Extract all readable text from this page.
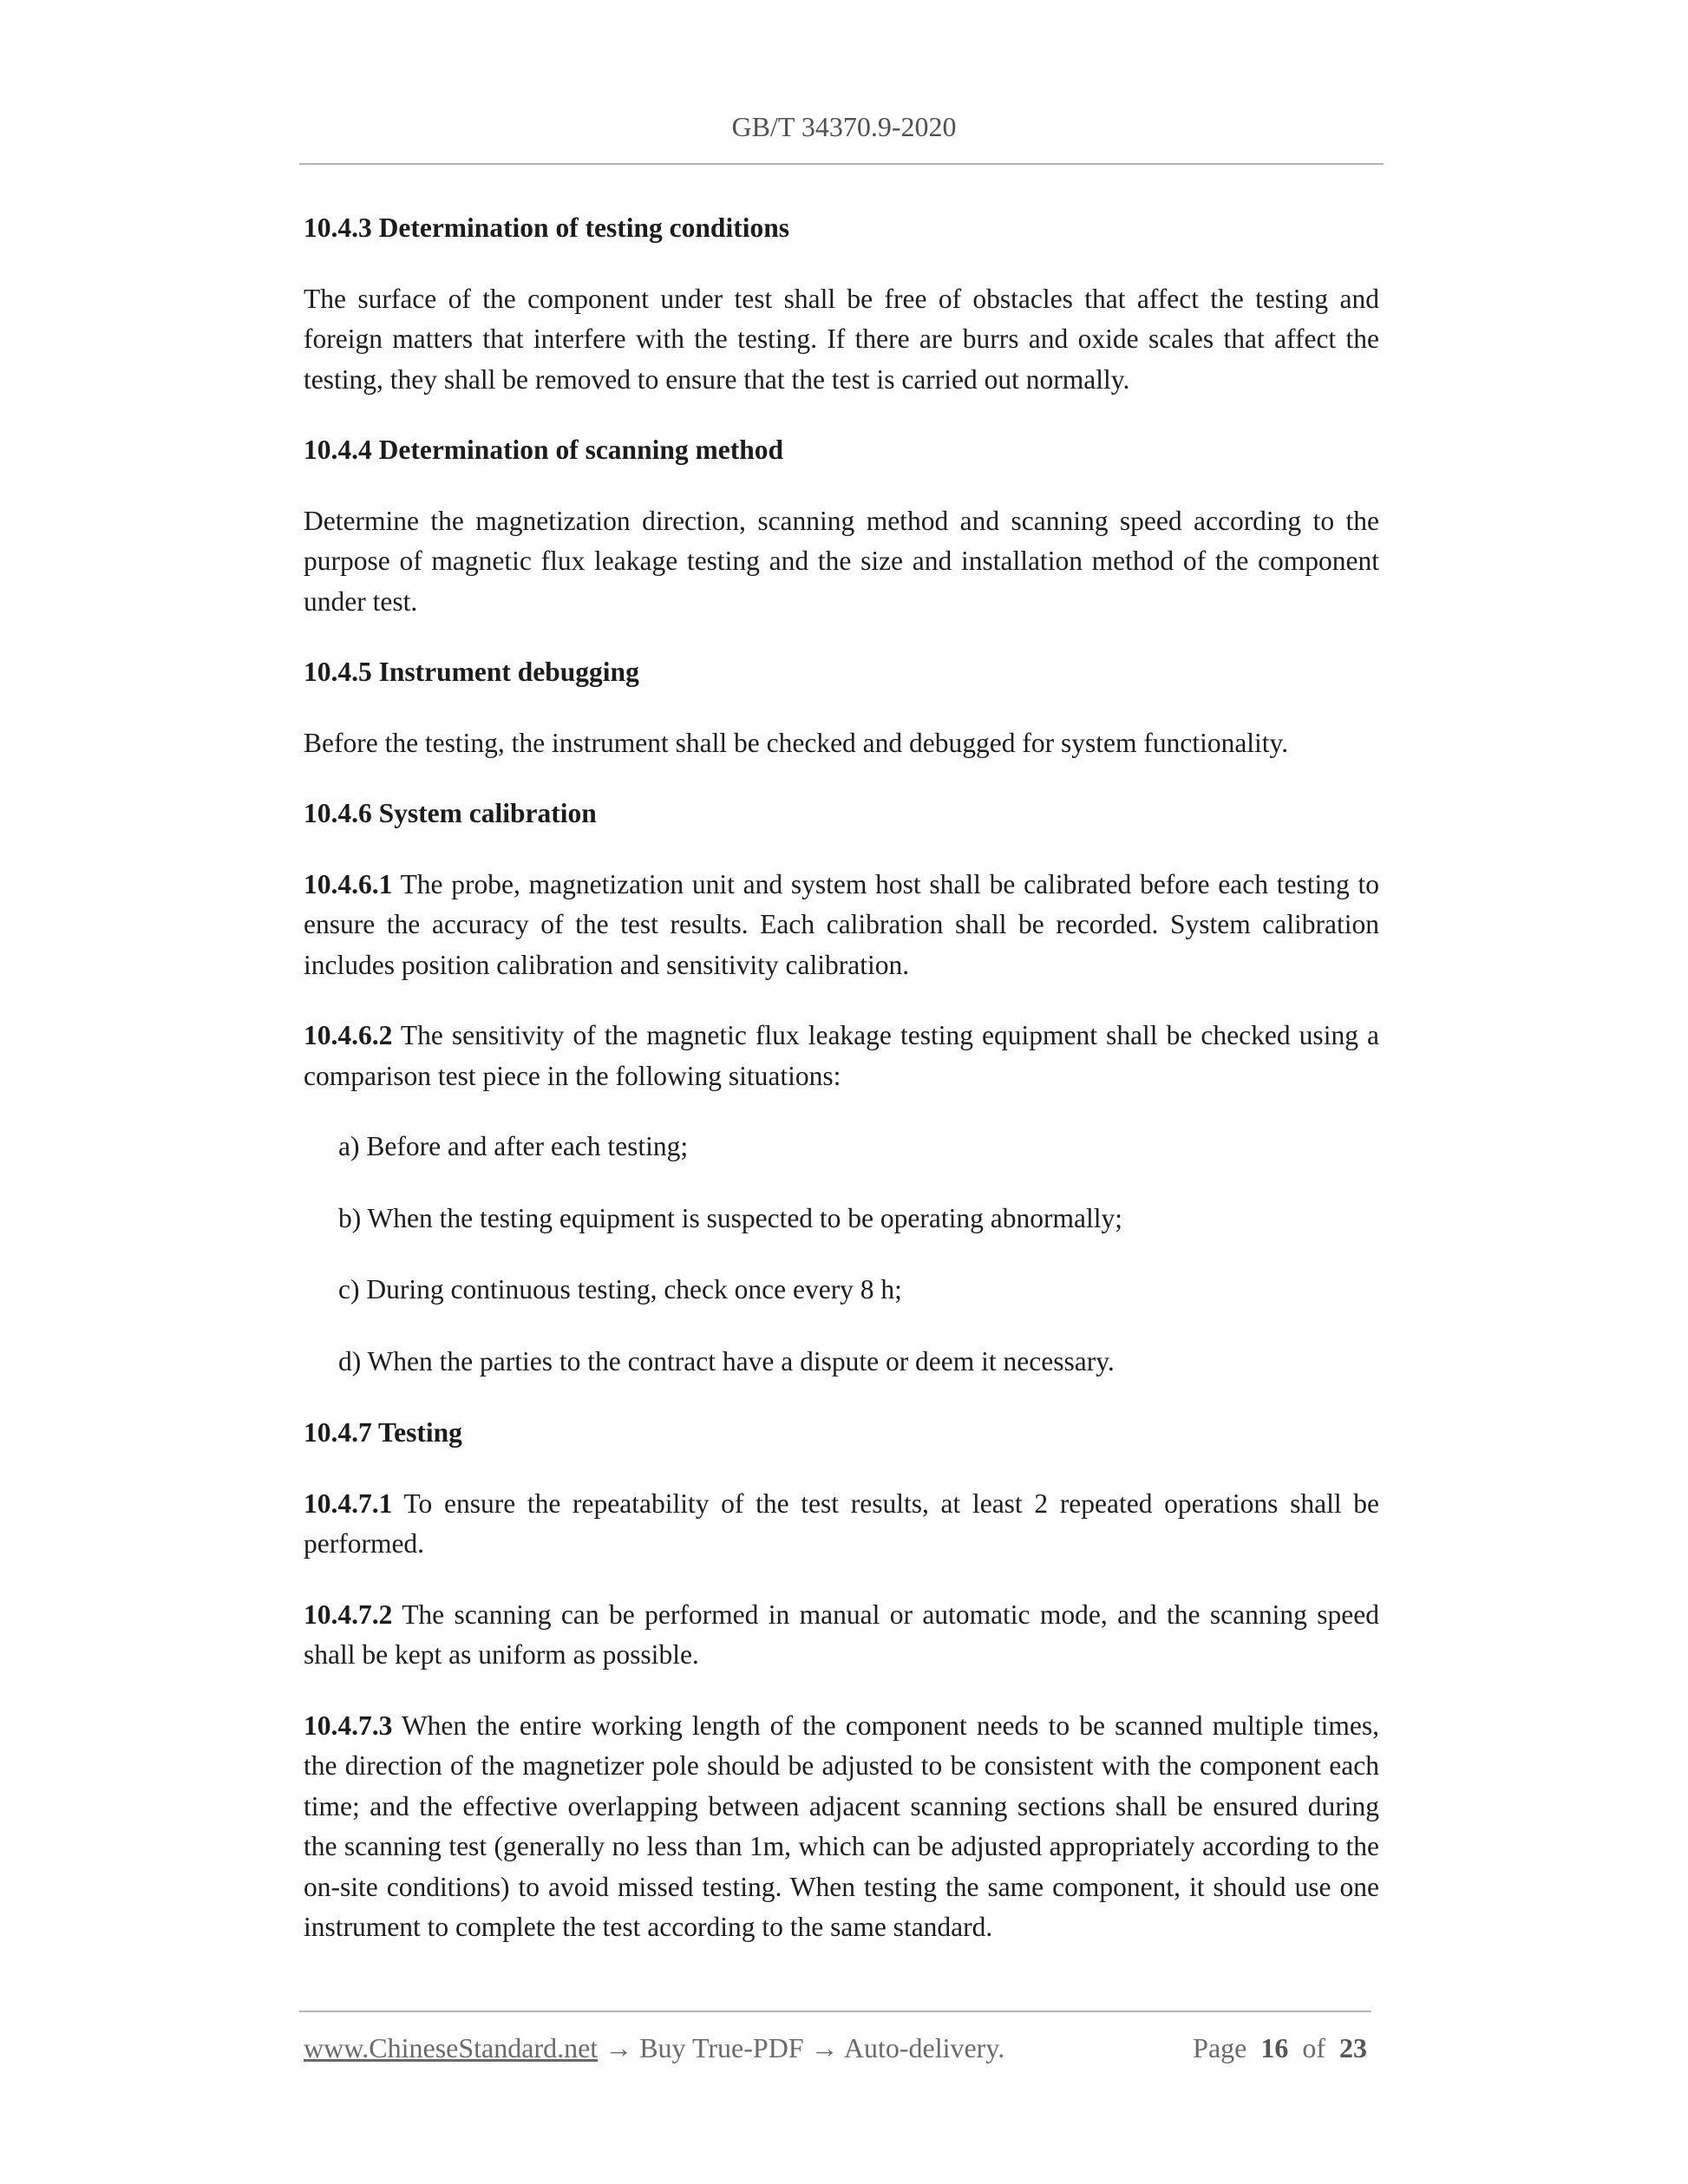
GB/T 34370.9-2020
10.4.3 Determination of testing conditions
The surface of the component under test shall be free of obstacles that affect the testing and foreign matters that interfere with the testing. If there are burrs and oxide scales that affect the testing, they shall be removed to ensure that the test is carried out normally.
10.4.4 Determination of scanning method
Determine the magnetization direction, scanning method and scanning speed according to the purpose of magnetic flux leakage testing and the size and installation method of the component under test.
10.4.5 Instrument debugging
Before the testing, the instrument shall be checked and debugged for system functionality.
10.4.6 System calibration
10.4.6.1 The probe, magnetization unit and system host shall be calibrated before each testing to ensure the accuracy of the test results. Each calibration shall be recorded. System calibration includes position calibration and sensitivity calibration.
10.4.6.2 The sensitivity of the magnetic flux leakage testing equipment shall be checked using a comparison test piece in the following situations:
a) Before and after each testing;
b) When the testing equipment is suspected to be operating abnormally;
c) During continuous testing, check once every 8 h;
d) When the parties to the contract have a dispute or deem it necessary.
10.4.7 Testing
10.4.7.1 To ensure the repeatability of the test results, at least 2 repeated operations shall be performed.
10.4.7.2 The scanning can be performed in manual or automatic mode, and the scanning speed shall be kept as uniform as possible.
10.4.7.3 When the entire working length of the component needs to be scanned multiple times, the direction of the magnetizer pole should be adjusted to be consistent with the component each time; and the effective overlapping between adjacent scanning sections shall be ensured during the scanning test (generally no less than 1m, which can be adjusted appropriately according to the on-site conditions) to avoid missed testing. When testing the same component, it should use one instrument to complete the test according to the same standard.
www.ChineseStandard.net → Buy True-PDF → Auto-delivery.	Page 16 of 23
